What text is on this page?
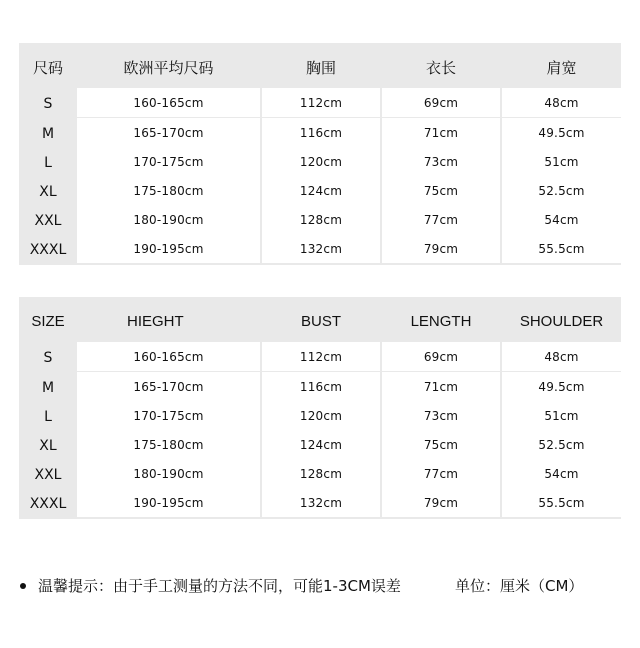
尺码	欧洲平均尺码	胸围	衣长	肩宽
S	160-165cm	112cm	69cm	48cm
M	165-170cm	116cm	71cm	49.5cm
L	170-175cm	120cm	73cm	51cm
XL	175-180cm	124cm	75cm	52.5cm
XXL	180-190cm	128cm	77cm	54cm
XXXL	190-195cm	132cm	79cm	55.5cm
SIZE	HIEGHT	BUST	LENGTH	SHOULDER
S	160-165cm	112cm	69cm	48cm
M	165-170cm	116cm	71cm	49.5cm
L	170-175cm	120cm	73cm	51cm
XL	175-180cm	124cm	75cm	52.5cm
XXL	180-190cm	128cm	77cm	54cm
XXXL	190-195cm	132cm	79cm	55.5cm
温馨提示：由于手工测量的方法不同，可能1-3CM误差	单位：厘米（CM）
